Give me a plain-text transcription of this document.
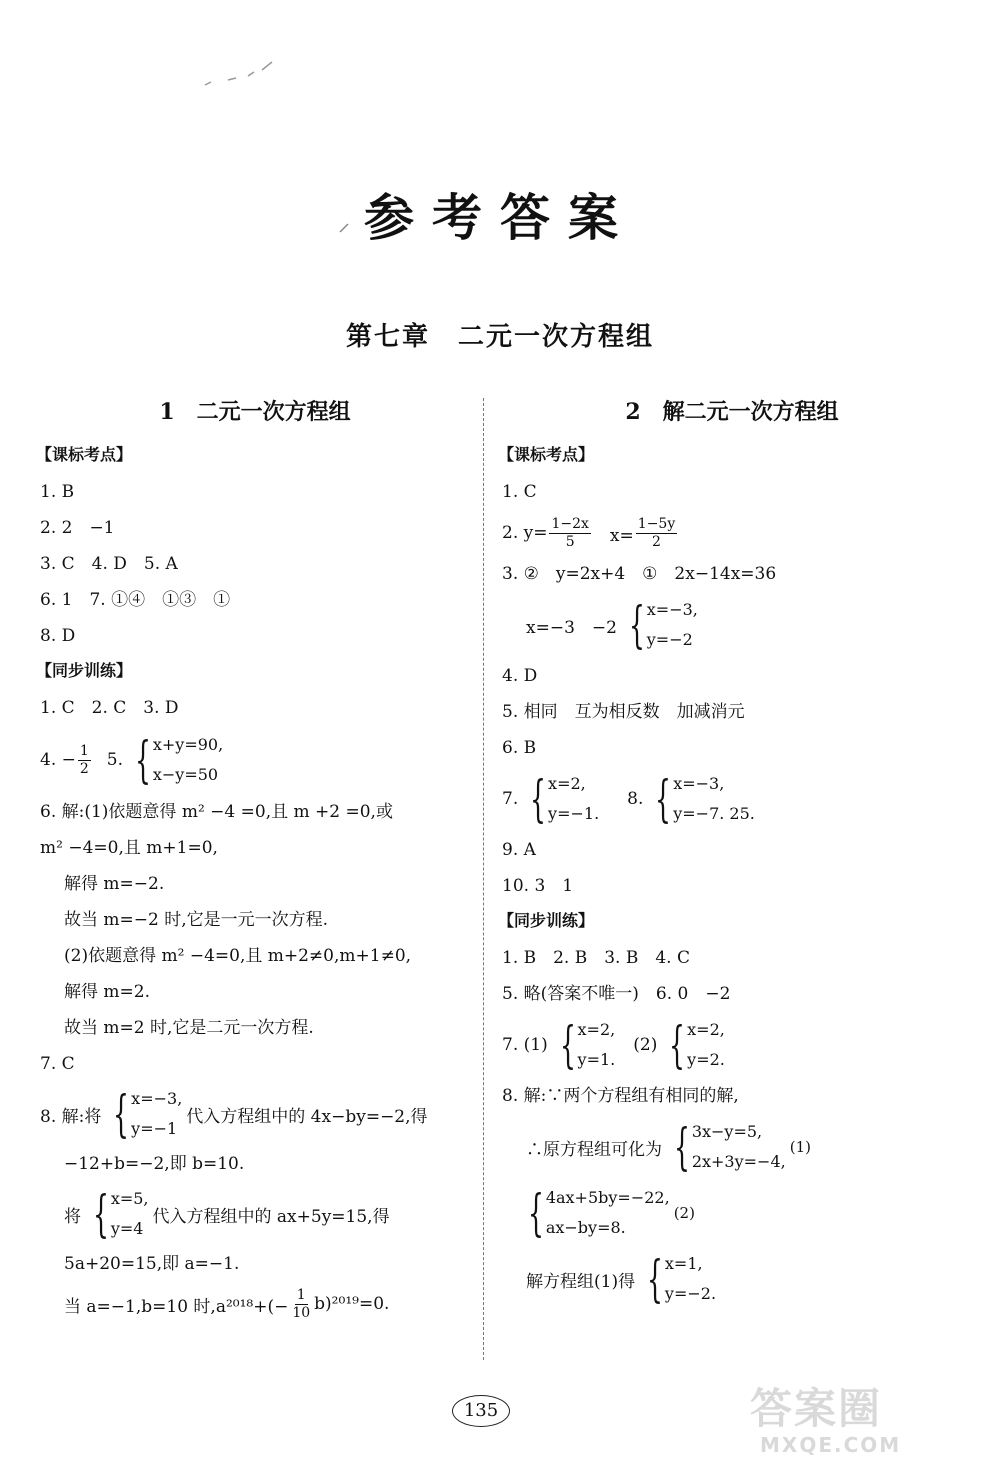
参考答案
第七章　二元一次方程组
1　二元一次方程组
【课标考点】
1. B
2. 2　−1
3. C　4. D　5. A
6. 1　7. ①④　①③　①
8. D
【同步训练】
1. C　2. C　3. D
4. − $\frac{1}{2} 5$. { x+y=90,
x−y=50
6. 解:(1)依题意得 m² −4 =0,且 m +2 =0,或
m² −4=0,且 m+1=0,
解得 m=−2.
故当 m=−2 时,它是一元一次方程.
(2)依题意得 m² −4=0,且 m+2≠0,m+1≠0,
解得 m=2.
故当 m=2 时,它是二元一次方程.
7. C
8. 解:将 { x=−3,
y=−1
代入方程组中的 4x−by=−2,得
−12+b=−2,即 b=10.
将 { x=5,
y=4
代入方程组中的 ax+5y=15,得
5a+20=15,即 a=−1.
当 a=−1,b=10 时$,a^{2018}+(- \frac{1}{10} b)^{2019}=0$.
2　解二元一次方程组
【课标考点】
1. C
2. $y= \frac{1-2x}{5}$ 　$x= \frac{1-5y}{2}$
3. ②　y=2x+4　①　2x−14x=36
x=−3　−2 { x=−3,
y=−2
4. D
5. 相同　互为相反数　加减消元
6. B
7. { x=2,
y=−1.
8. { x=−3,
y=−7. 25.
9. A
10. 3　1
【同步训练】
1. B　2. B　3. B　4. C
5. 略(答案不唯一)　6. 0　−2
7. (1) { x=2,
y=1.
(2) { x=2,
y=2.
8. 解:∵两个方程组有相同的解,
∴原方程组可化为 { 3x−y=5,
2x+3y=−4,
(1)
{ 4ax+5by=−22,
ax−by=8.
(2)
解方程组(1)得 { x=1,
y=−2.
135	答案圈
MXQE.COM
